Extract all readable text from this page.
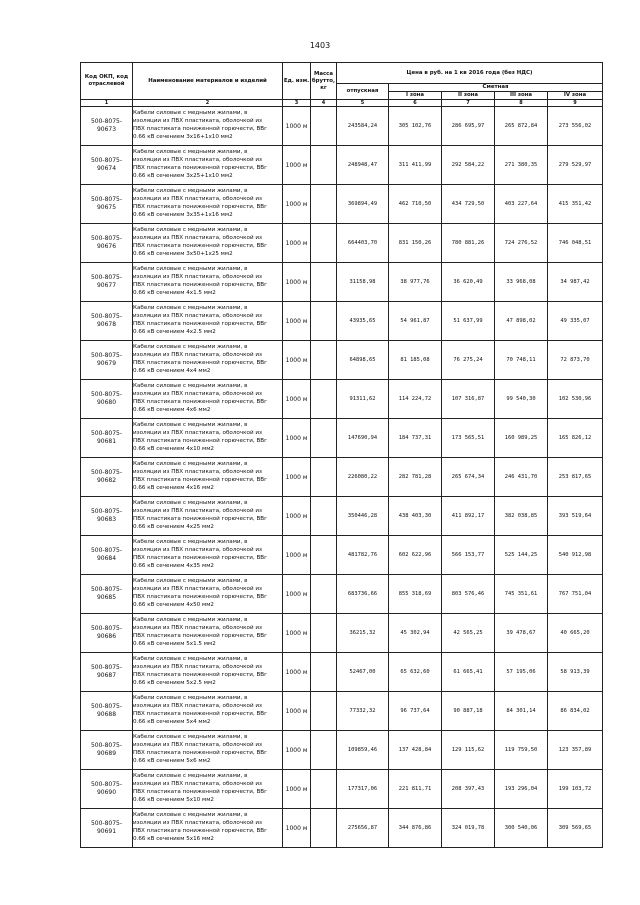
1403
Код ОКП, код отраслевой	Наименование материалов и изделий	Ед. изм.	Масса брутто, кг	Цена в руб. на 1 кв 2016 года (без НДС)				
				отпускная	Сметная			
					I зона	II зона	III зона	IV зона
1	2	3	4	5	6	7	8	9
500-8075-
90673	Кабели силовые с медными жилами, в
изоляции из ПВХ пластиката, оболочкой из
ПВХ пластиката пониженной горючести, ВВг
0.66 кВ сечением 3х16+1х10 мм2	1000 м		243584,24	305 102,76	286 695,97	265 872,84	273 556,02
500-8075-
90674	Кабели силовые с медными жилами, в
изоляции из ПВХ пластиката, оболочкой из
ПВХ пластиката пониженной горючести, ВВг
0.66 кВ сечением 3х25+1х10 мм2	1000 м		248948,47	311 411,99	292 584,22	271 380,35	279 529,97
500-8075-
90675	Кабели силовые с медными жилами, в
изоляции из ПВХ пластиката, оболочкой из
ПВХ пластиката пониженной горючести, ВВг
0.66 кВ сечением 3х35+1х16 мм2	1000 м		369894,49	462 710,50	434 729,50	403 227,64	415 351,42
500-8075-
90676	Кабели силовые с медными жилами, в
изоляции из ПВХ пластиката, оболочкой из
ПВХ пластиката пониженной горючести, ВВг
0.66 кВ сечением 3х50+1х25 мм2	1000 м		664403,70	831 150,26	780 881,26	724 276,52	746 048,51
500-8075-
90677	Кабели силовые с медными жилами, в
изоляции из ПВХ пластиката, оболочкой из
ПВХ пластиката пониженной горючести, ВВг
0.66 кВ сечением 4х1.5 мм2	1000 м		31158,98	38 977,76	36 620,49	33 968,08	34 987,42
500-8075-
90678	Кабели силовые с медными жилами, в
изоляции из ПВХ пластиката, оболочкой из
ПВХ пластиката пониженной горючести, ВВг
0.66 кВ сечением 4х2.5 мм2	1000 м		43935,65	54 961,87	51 637,99	47 898,02	49 335,07
500-8075-
90679	Кабели силовые с медными жилами, в
изоляции из ПВХ пластиката, оболочкой из
ПВХ пластиката пониженной горючести, ВВг
0.66 кВ сечением 4х4 мм2	1000 м		64898,65	81 185,08	76 275,24	70 748,11	72 873,70
500-8075-
90680	Кабели силовые с медными жилами, в
изоляции из ПВХ пластиката, оболочкой из
ПВХ пластиката пониженной горючести, ВВг
0.66 кВ сечением 4х6 мм2	1000 м		91311,62	114 224,72	107 316,87	99 540,30	102 530,96
500-8075-
90681	Кабели силовые с медными жилами, в
изоляции из ПВХ пластиката, оболочкой из
ПВХ пластиката пониженной горючести, ВВг
0.66 кВ сечением 4х10 мм2	1000 м		147690,94	184 737,31	173 565,51	160 989,25	165 826,12
500-8075-
90682	Кабели силовые с медными жилами, в
изоляции из ПВХ пластиката, оболочкой из
ПВХ пластиката пониженной горючести, ВВг
0.66 кВ сечением 4х16 мм2	1000 м		226080,22	282 781,28	265 674,34	246 431,70	253 817,65
500-8075-
90683	Кабели силовые с медными жилами, в
изоляции из ПВХ пластиката, оболочкой из
ПВХ пластиката пониженной горючести, ВВг
0.66 кВ сечением 4х25 мм2	1000 м		350446,28	438 403,30	411 892,17	382 038,85	393 519,64
500-8075-
90684	Кабели силовые с медными жилами, в
изоляции из ПВХ пластиката, оболочкой из
ПВХ пластиката пониженной горючести, ВВг
0.66 кВ сечением 4х35 мм2	1000 м		481782,76	602 622,96	566 153,77	525 144,25	540 912,98
500-8075-
90685	Кабели силовые с медными жилами, в
изоляции из ПВХ пластиката, оболочкой из
ПВХ пластиката пониженной горючести, ВВг
0.66 кВ сечением 4х50 мм2	1000 м		683736,66	855 318,69	803 576,46	745 351,61	767 751,04
500-8075-
90686	Кабели силовые с медными жилами, в
изоляции из ПВХ пластиката, оболочкой из
ПВХ пластиката пониженной горючести, ВВг
0.66 кВ сечением 5х1.5 мм2	1000 м		36215,32	45 302,94	42 565,25	39 478,67	40 665,20
500-8075-
90687	Кабели силовые с медными жилами, в
изоляции из ПВХ пластиката, оболочкой из
ПВХ пластиката пониженной горючести, ВВг
0.66 кВ сечением 5х2.5 мм2	1000 м		52467,00	65 632,60	61 665,41	57 195,06	58 913,39
500-8075-
90688	Кабели силовые с медными жилами, в
изоляции из ПВХ пластиката, оболочкой из
ПВХ пластиката пониженной горючести, ВВг
0.66 кВ сечением 5х4 мм2	1000 м		77332,32	96 737,64	90 887,18	84 301,14	86 834,02
500-8075-
90689	Кабели силовые с медными жилами, в
изоляции из ПВХ пластиката, оболочкой из
ПВХ пластиката пониженной горючести, ВВг
0.66 кВ сечением 5х6 мм2	1000 м		109859,46	137 428,84	129 115,62	119 759,50	123 357,89
500-8075-
90690	Кабели силовые с медными жилами, в
изоляции из ПВХ пластиката, оболочкой из
ПВХ пластиката пониженной горючести, ВВг
0.66 кВ сечением 5х10 мм2	1000 м		177317,06	221 811,71	208 397,43	193 296,04	199 103,72
500-8075-
90691	Кабели силовые с медными жилами, в
изоляции из ПВХ пластиката, оболочкой из
ПВХ пластиката пониженной горючести, ВВг
0.66 кВ сечением 5х16 мм2	1000 м		275656,87	344 876,86	324 019,78	300 540,06	309 569,65
